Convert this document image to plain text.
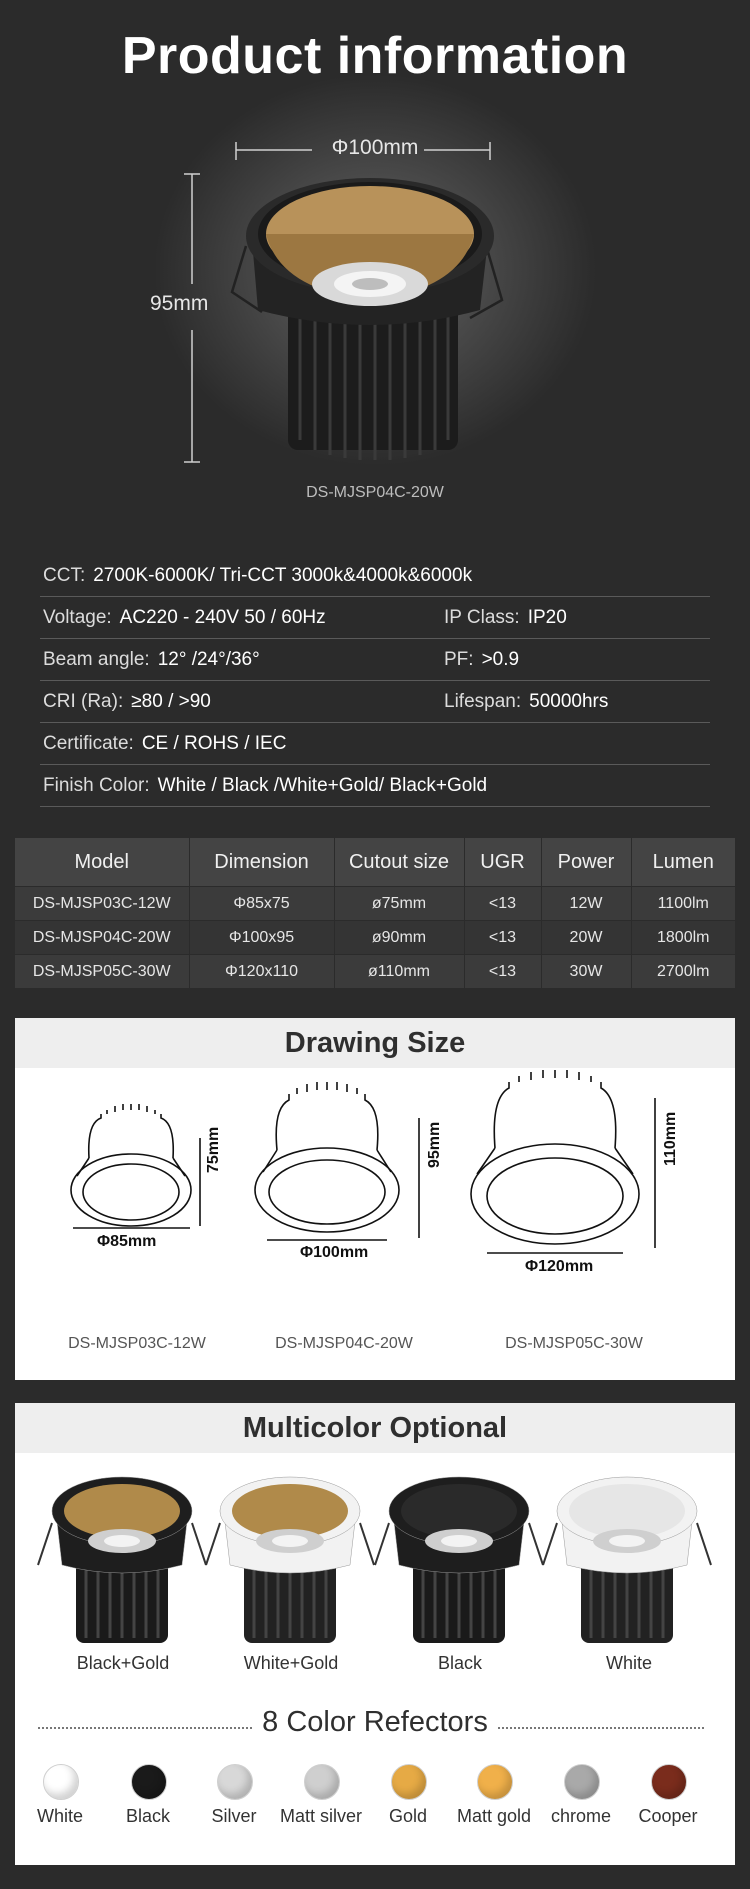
Product information
Φ100mm
95mm
DS-MJSP04C-20W
CCT: 2700K-6000K/ Tri-CCT 3000k&4000k&6000k
Voltage: AC220 - 240V 50 / 60Hz	IP Class: IP20
Beam angle: 12° /24°/36°	PF: >0.9
CRI (Ra): ≥80 / >90	Lifespan: 50000hrs
Certificate: CE / ROHS / IEC
Finish Color: White / Black /White+Gold/ Black+Gold
Model	Dimension	Cutout size	UGR	Power	Lumen
DS-MJSP03C-12W	Φ85x75	ø75mm	<13	12W	1100lm
DS-MJSP04C-20W	Φ100x95	ø90mm	<13	20W	1800lm
DS-MJSP05C-30W	Φ120x110	ø110mm	<13	30W	2700lm
Drawing Size
Φ85mm
75mm
Φ100mm
95mm
Φ120mm
110mm
DS-MJSP03C-12W	DS-MJSP04C-20W	DS-MJSP05C-30W
Multicolor Optional
Black+Gold	White+Gold	Black	White
8 Color Refectors
White	Black	Silver	Matt silver	Gold	Matt gold	chrome	Cooper
